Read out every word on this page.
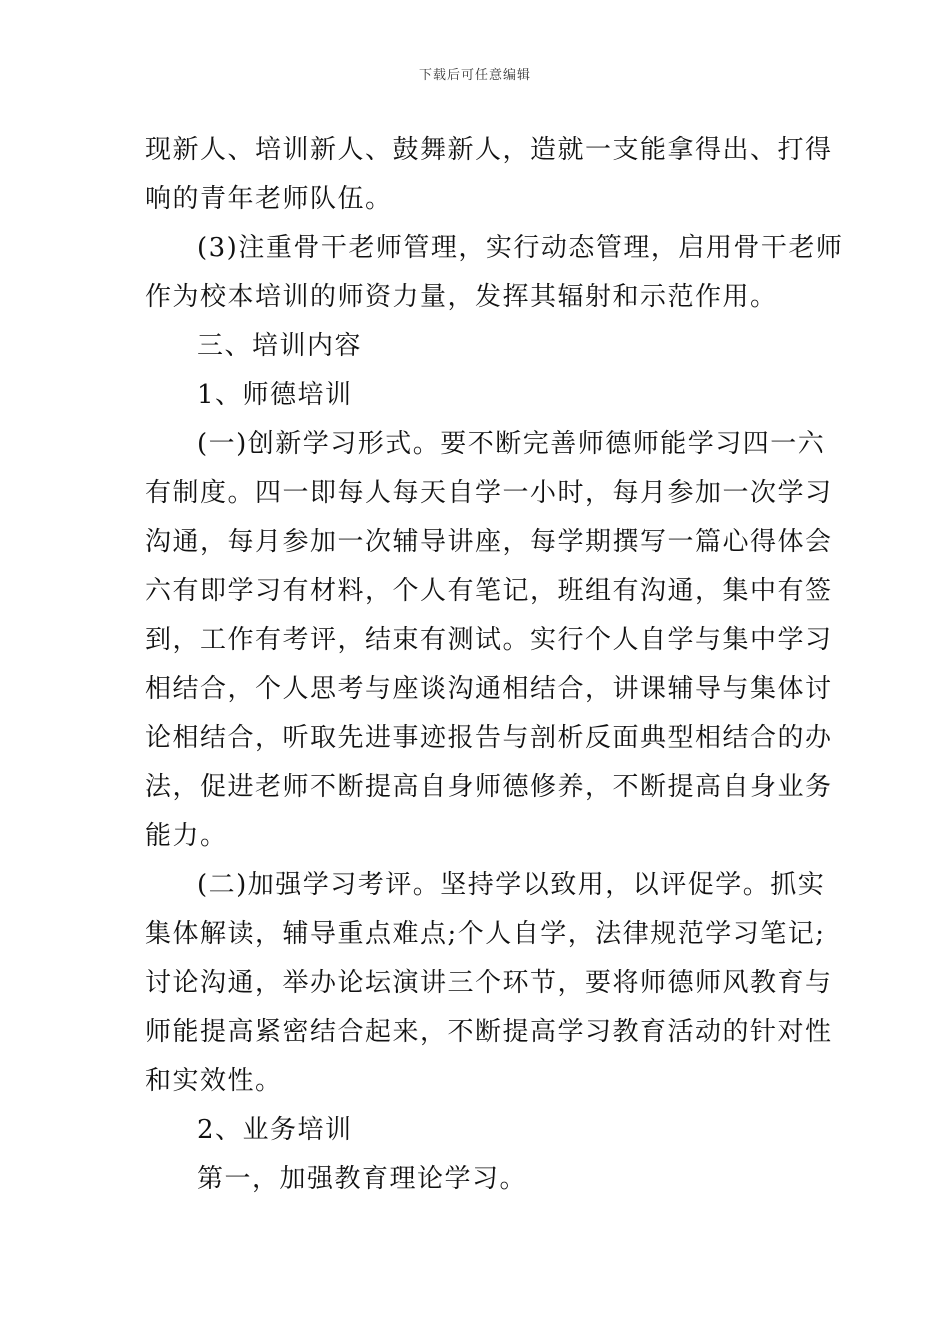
下载后可任意编辑
现新人、培训新人、鼓舞新人，造就一支能拿得出、打得
响的青年老师队伍。
(3)注重骨干老师管理，实行动态管理，启用骨干老师
作为校本培训的师资力量，发挥其辐射和示范作用。
三、培训内容
1、师德培训
(一)创新学习形式。要不断完善师德师能学习四一六
有制度。四一即每人每天自学一小时，每月参加一次学习
沟通，每月参加一次辅导讲座，每学期撰写一篇心得体会
六有即学习有材料，个人有笔记，班组有沟通，集中有签
到，工作有考评，结束有测试。实行个人自学与集中学习
相结合，个人思考与座谈沟通相结合，讲课辅导与集体讨
论相结合，听取先进事迹报告与剖析反面典型相结合的办
法，促进老师不断提高自身师德修养，不断提高自身业务
能力。
(二)加强学习考评。坚持学以致用，以评促学。抓实
集体解读，辅导重点难点;个人自学，法律规范学习笔记;
讨论沟通，举办论坛演讲三个环节，要将师德师风教育与
师能提高紧密结合起来，不断提高学习教育活动的针对性
和实效性。
2、业务培训
第一，加强教育理论学习。
